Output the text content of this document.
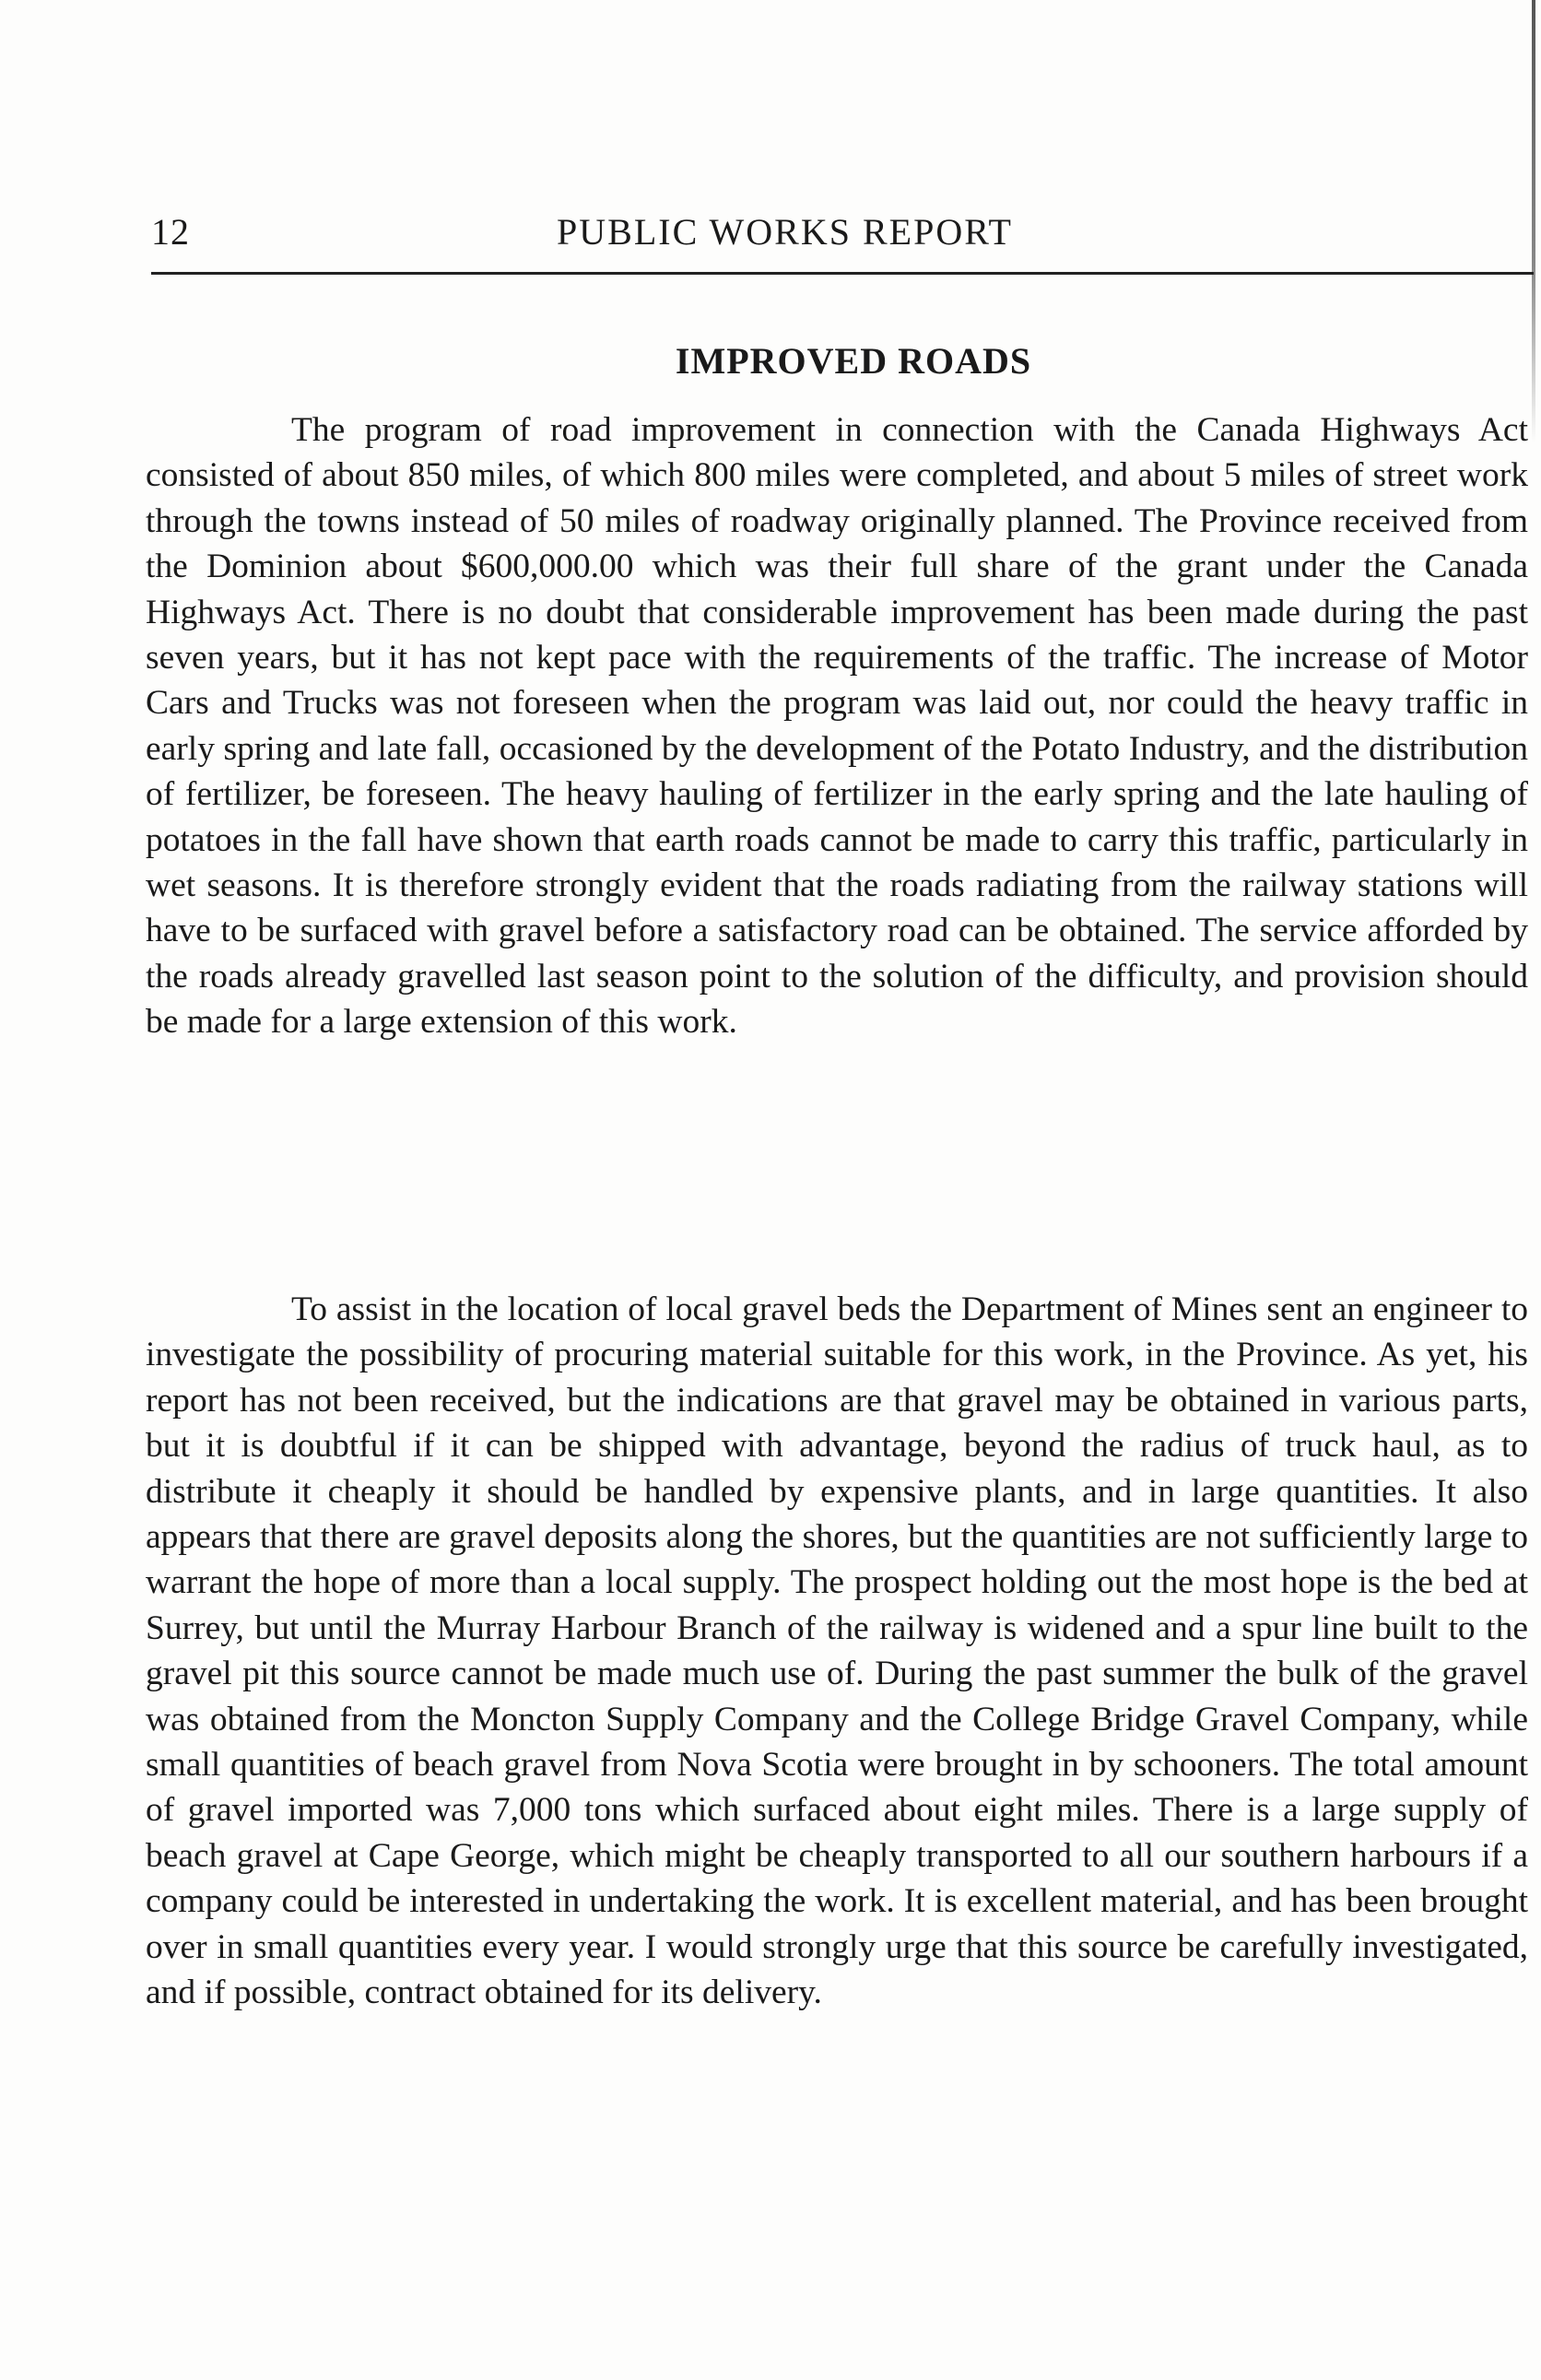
12	PUBLIC WORKS REPORT
IMPROVED ROADS

The program of road improvement in connection with the Canada Highways Act consisted of about 850 miles, of which 800 miles were completed, and about 5 miles of street work through the towns instead of 50 miles of roadway originally planned. The Province received from the Dominion about $600,000.00 which was their full share of the grant under the Canada Highways Act. There is no doubt that considerable improvement has been made during the past seven years, but it has not kept pace with the requirements of the traffic. The increase of Motor Cars and Trucks was not foreseen when the program was laid out, nor could the heavy traffic in early spring and late fall, occasioned by the development of the Potato Industry, and the distribution of fertilizer, be foreseen. The heavy hauling of fertilizer in the early spring and the late hauling of potatoes in the fall have shown that earth roads cannot be made to carry this traffic, particularly in wet seasons. It is therefore strongly evident that the roads radiating from the railway stations will have to be surfaced with gravel before a satisfactory road can be obtained. The service afforded by the roads already gravelled last season point to the solution of the difficulty, and provision should be made for a large extension of this work.

To assist in the location of local gravel beds the Department of Mines sent an engineer to investigate the possibility of procuring material suitable for this work, in the Province. As yet, his report has not been received, but the indications are that gravel may be obtained in various parts, but it is doubtful if it can be shipped with advantage, beyond the radius of truck haul, as to distribute it cheaply it should be handled by expensive plants, and in large quantities. It also appears that there are gravel deposits along the shores, but the quantities are not sufficiently large to warrant the hope of more than a local supply. The prospect holding out the most hope is the bed at Surrey, but until the Murray Harbour Branch of the railway is widened and a spur line built to the gravel pit this source cannot be made much use of. During the past summer the bulk of the gravel was obtained from the Moncton Supply Company and the College Bridge Gravel Company, while small quantities of beach gravel from Nova Scotia were brought in by schooners. The total amount of gravel imported was 7,000 tons which surfaced about eight miles. There is a large supply of beach gravel at Cape George, which might be cheaply transported to all our southern harbours if a company could be interested in undertaking the work. It is excellent material, and has been brought over in small quantities every year. I would strongly urge that this source be carefully investigated, and if possible, contract obtained for its delivery.
